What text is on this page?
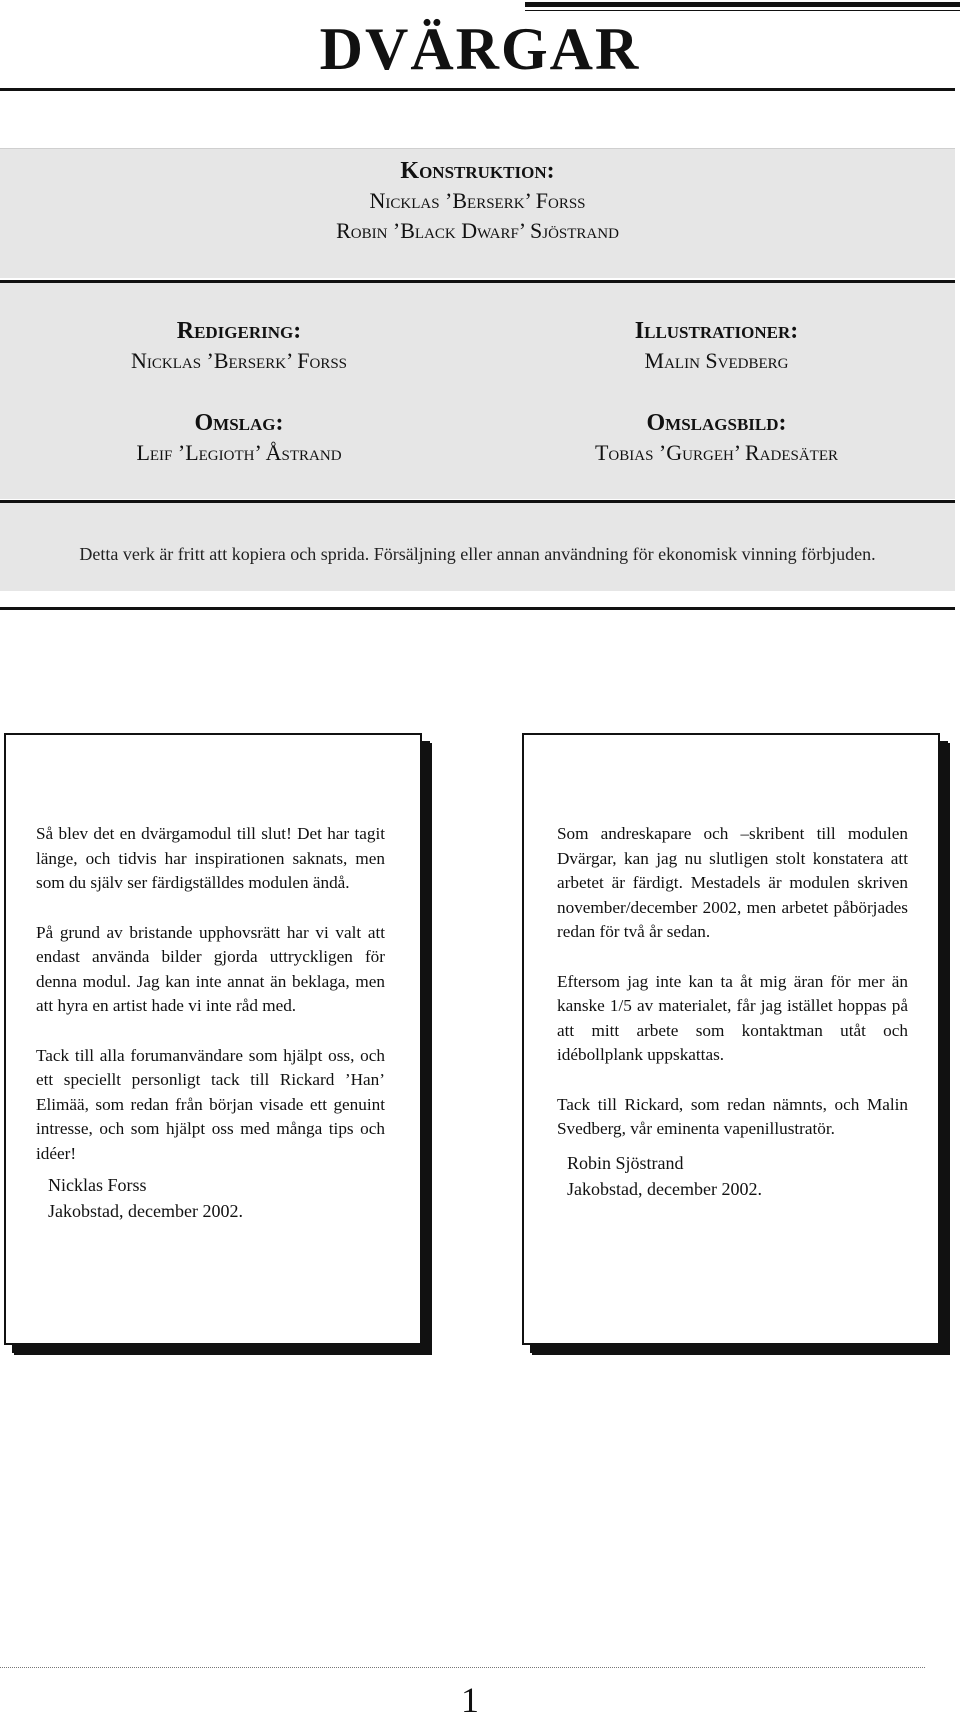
DVÄRGAR
Konstruktion:
Nicklas ’Berserk’ Forss
Robin ’Black Dwarf’ Sjöstrand
Redigering:
Nicklas ’Berserk’ Forss
Illustrationer:
Malin Svedberg
Omslag:
Leif ’Legioth’ Åstrand
Omslagsbild:
Tobias ’Gurgeh’ Radesäter
Detta verk är fritt att kopiera och sprida. Försäljning eller annan användning för ekonomisk vinning förbjuden.

Så blev det en dvärgamodul till slut! Det har tagit länge, och tidvis har inspirationen saknats, men som du själv ser färdigställdes modulen ändå.

På grund av bristande upphovsrätt har vi valt att endast använda bilder gjorda uttryckligen för denna modul. Jag kan inte annat än beklaga, men att hyra en artist hade vi inte råd med.

Tack till alla forumanvändare som hjälpt oss, och ett speciellt personligt tack till Rickard ’Han’ Elimää, som redan från början visade ett genuint intresse, och som hjälpt oss med många tips och idéer!

Nicklas Forss
Jakobstad, december 2002.

Som andreskapare och –skribent till modulen Dvärgar, kan jag nu slutligen stolt konstatera att arbetet är färdigt. Mestadels är modulen skriven november/december 2002, men arbetet påbörjades redan för två år sedan.

Eftersom jag inte kan ta åt mig äran för mer än kanske 1/5 av materialet, får jag istället hoppas på att mitt arbete som kontaktman utåt och idébollplank uppskattas.

Tack till Rickard, som redan nämnts, och Malin Svedberg, vår eminenta vapenillustratör.

Robin Sjöstrand
Jakobstad, december 2002.
1
